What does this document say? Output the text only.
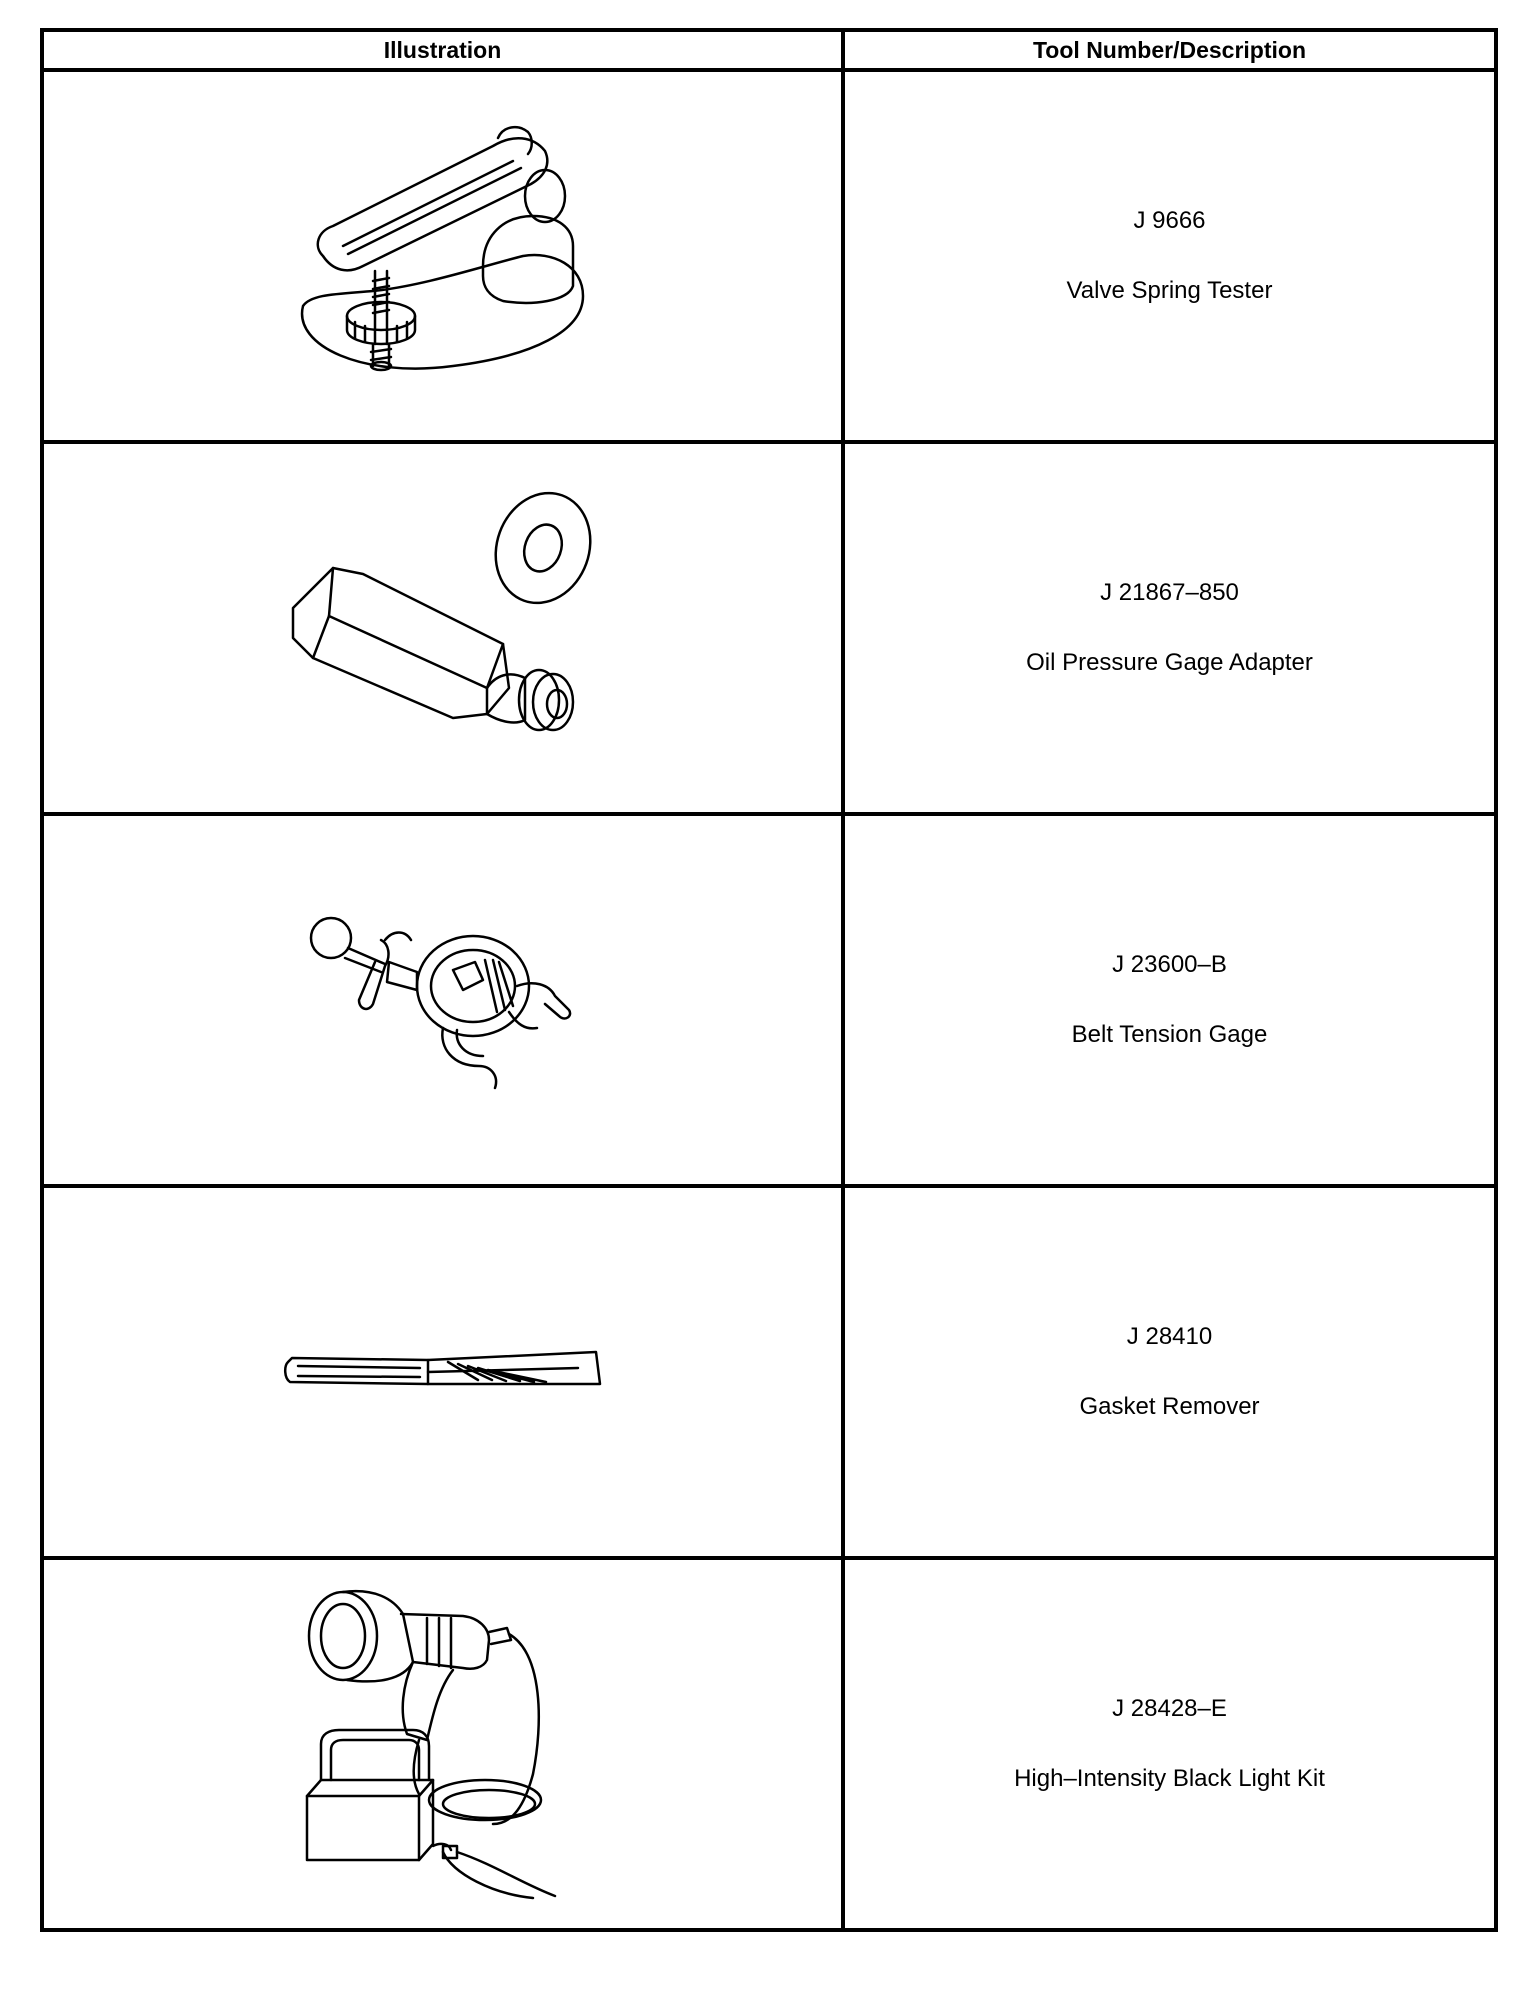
Illustration	Tool Number/Description

J 9666
Valve Spring Tester

J 21867–850
Oil Pressure Gage Adapter

J 23600–B
Belt Tension Gage

J 28410
Gasket Remover

J 28428–E
High–Intensity Black Light Kit
